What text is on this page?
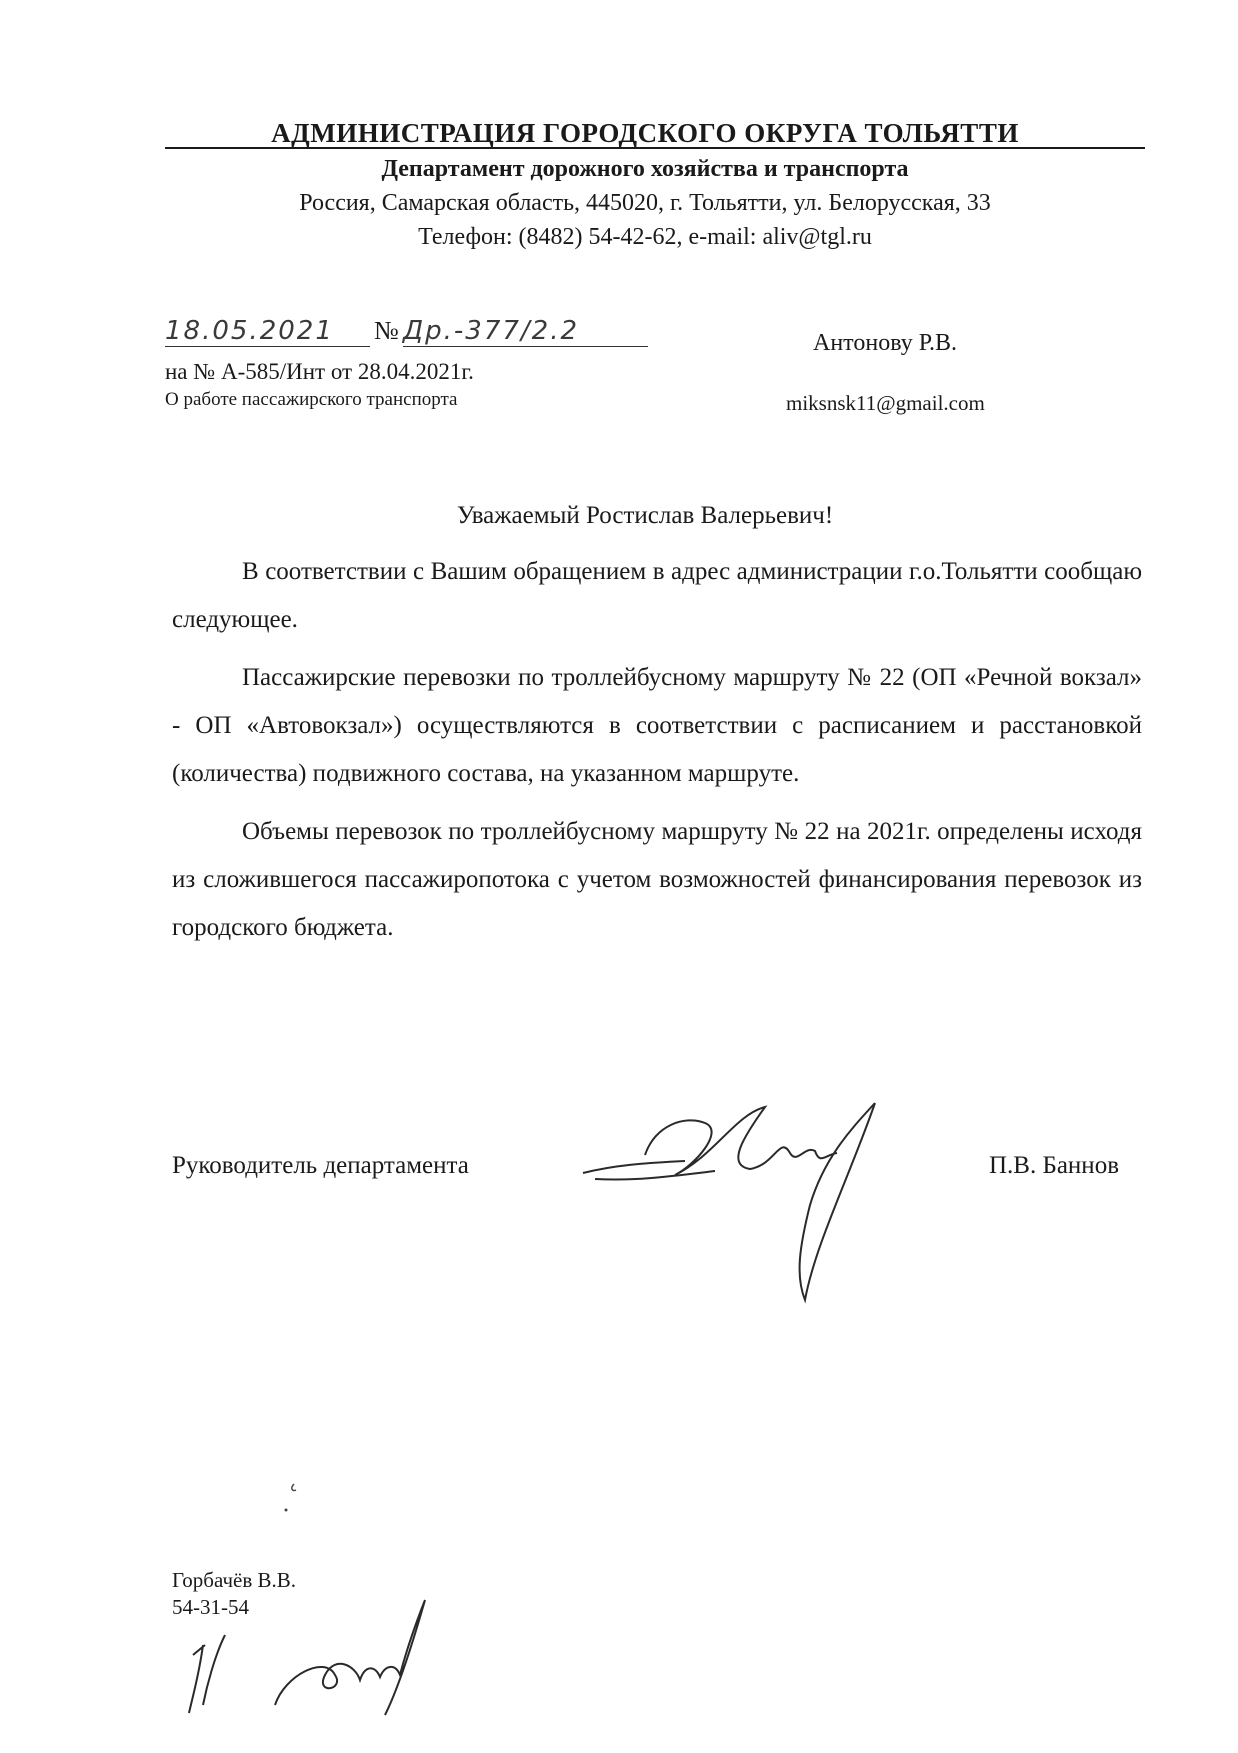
АДМИНИСТРАЦИЯ ГОРОДСКОГО ОКРУГА ТОЛЬЯТТИ
Департамент дорожного хозяйства и транспорта
Россия, Самарская область, 445020, г. Тольятти, ул. Белорусская, 33
Телефон: (8482) 54-42-62, e-mail: aliv@tgl.ru
18.05.2021 № Др.-377/2.2
на № А-585/Инт от 28.04.2021г.
О работе пассажирского транспорта
Антонову Р.В.
miksnsk11@gmail.com
Уважаемый Ростислав Валерьевич!

В соответствии с Вашим обращением в адрес администрации г.о.Тольятти сообщаю следующее.

Пассажирские перевозки по троллейбусному маршруту № 22 (ОП «Речной вокзал» - ОП «Автовокзал») осуществляются в соответствии с расписанием и расстановкой (количества) подвижного состава, на указанном маршруте.

Объемы перевозок по троллейбусному маршруту № 22 на 2021г. определены исходя из сложившегося пассажиропотока с учетом возможностей финансирования перевозок из городского бюджета.

Руководитель департамента	П.В. Баннов
Горбачёв В.В.
54-31-54
